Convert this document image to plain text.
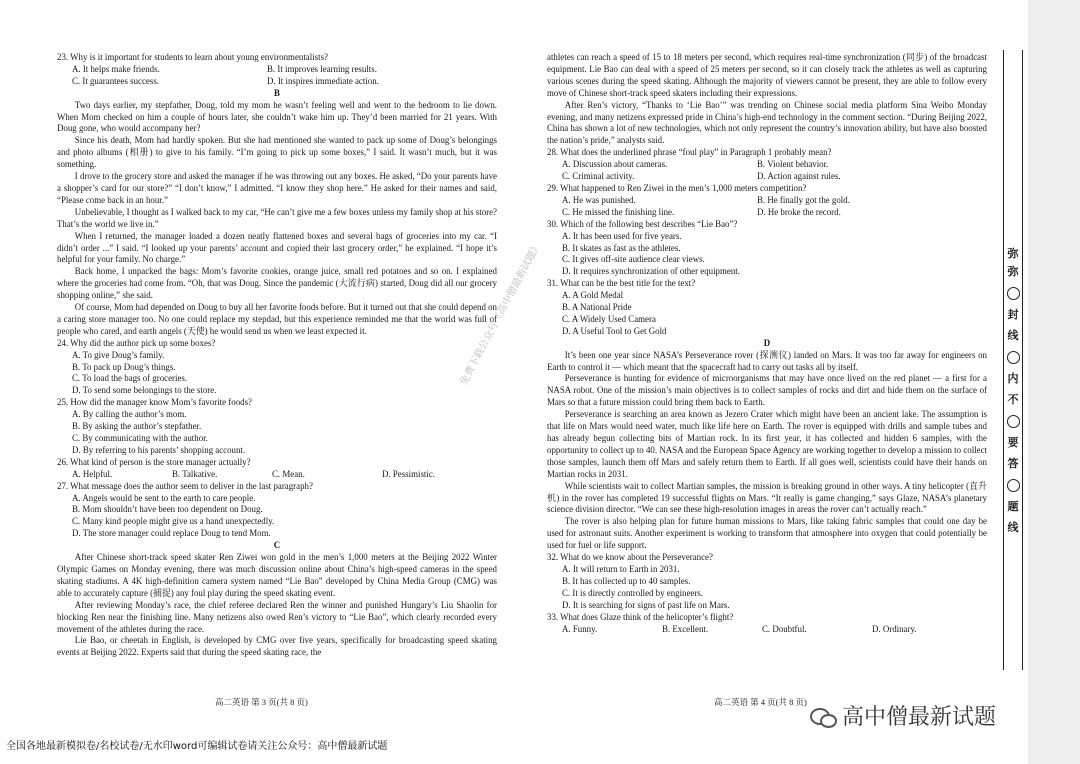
23. Why is it important for students to learn about young environmentalists?

A. It helps make friends.	B. It improves learning results.
C. It guarantees success.	D. It inspires immediate action.

B

Two days earlier, my stepfather, Doug, told my mom he wasn’t feeling well and went to the bedroom to lie down. When Mom checked on him a couple of hours later, she couldn’t wake him up. They’d been married for 21 years. With Doug gone, who would accompany her?

Since his death, Mom had hardly spoken. But she had mentioned she wanted to pack up some of Doug’s belongings and photo albums (相册) to give to his family. “I’m going to pick up some boxes,” I said. It wasn’t much, but it was something.

I drove to the grocery store and asked the manager if he was throwing out any boxes. He asked, “Do your parents have a shopper’s card for our store?” “I don’t know,” I admitted. “I know they shop here.” He asked for their names and said, “Please come back in an hour.”

Unbelievable, I thought as I walked back to my car, “He can’t give me a few boxes unless my family shop at his store? That’s the world we live in.”

When I returned, the manager loaded a dozen neatly flattened boxes and several bags of groceries into my car. “I didn’t order ...” I said. “I looked up your parents’ account and copied their last grocery order,” he explained. “I hope it’s helpful for your family. No charge.”

Back home, I unpacked the bags: Mom’s favorite cookies, orange juice, small red potatoes and so on. I explained where the groceries had come from. “Oh, that was Doug. Since the pandemic (大流行病) started, Doug did all our grocery shopping online,” she said.

Of course, Mom had depended on Doug to buy all her favorite foods before. But it turned out that she could depend on a caring store manager too. No one could replace my stepdad, but this experience reminded me that the world was full of people who cared, and earth angels (天使) he would send us when we least expected it.

24. Why did the author pick up some boxes?

A. To give Doug’s family.

B. To pack up Doug’s things.

C. To load the bags of groceries.

D. To send some belongings to the store.

25. How did the manager know Mom’s favorite foods?

A. By calling the author’s mom.

B. By asking the author’s stepfather.

C. By communicating with the author.

D. By referring to his parents’ shopping account.

26. What kind of person is the store manager actually?

A. Helpful.	B. Talkative.	C. Mean.	D. Pessimistic.

27. What message does the author seem to deliver in the last paragraph?

A. Angels would be sent to the earth to care people.

B. Mom shouldn’t have been too dependent on Doug.

C. Many kind people might give us a hand unexpectedly.

D. The store manager could replace Doug to tend Mom.

C

After Chinese short-track speed skater Ren Ziwei won gold in the men’s 1,000 meters at the Beijing 2022 Winter Olympic Games on Monday evening, there was much discussion online about China’s high-speed cameras in the speed skating stadiums. A 4K high-definition camera system named “Lie Bao” developed by China Media Group (CMG) was able to accurately capture (捕捉) any foul play during the speed skating event.

After reviewing Monday’s race, the chief referee declared Ren the winner and punished Hungary’s Liu Shaolin for blocking Ren near the finishing line. Many netizens also owed Ren’s victory to “Lie Bao”, which clearly recorded every movement of the athletes during the race.

Lie Bao, or cheetah in English, is developed by CMG over five years, specifically for broadcasting speed skating events at Beijing 2022. Experts said that during the speed skating race, the

athletes can reach a speed of 15 to 18 meters per second, which requires real-time synchronization (同步) of the broadcast equipment. Lie Bao can deal with a speed of 25 meters per second, so it can closely track the athletes as well as capturing various scenes during the speed skating. Although the majority of viewers cannot be present, they are able to follow every move of Chinese short-track speed skaters including their expressions.

After Ren’s victory, “Thanks to ‘Lie Bao’” was trending on Chinese social media platform Sina Weibo Monday evening, and many netizens expressed pride in China’s high-end technology in the comment section. “During Beijing 2022, China has shown a lot of new technologies, which not only represent the country’s innovation ability, but have also boosted the nation’s pride,” analysts said.

28. What does the underlined phrase “foul play” in Paragraph 1 probably mean?

A. Discussion about cameras.	B. Violent behavior.
C. Criminal activity.	D. Action against rules.

29. What happened to Ren Ziwei in the men’s 1,000 meters competition?

A. He was punished.	B. He finally got the gold.
C. He missed the finishing line.	D. He broke the record.

30. Which of the following best describes “Lie Bao”?

A. It has been used for five years.

B. It skates as fast as the athletes.

C. It gives off-site audience clear views.

D. It requires synchronization of other equipment.

31. What can be the best title for the text?

A. A Gold Medal

B. A National Pride

C. A Widely Used Camera

D. A Useful Tool to Get Gold

D

It’s been one year since NASA’s Perseverance rover (探测仪) landed on Mars. It was too far away for engineers on Earth to control it — which meant that the spacecraft had to carry out tasks all by itself.

Perseverance is hunting for evidence of microorganisms that may have once lived on the red planet — a first for a NASA robot. One of the mission’s main objectives is to collect samples of rocks and dirt and hide them on the surface of Mars so that a future mission could bring them back to Earth.

Perseverance is searching an area known as Jezero Crater which might have been an ancient lake. The assumption is that life on Mars would need water, much like life here on Earth. The rover is equipped with drills and sample tubes and has already begun collecting bits of Martian rock. In its first year, it has collected and hidden 6 samples, with the opportunity to collect up to 40. NASA and the European Space Agency are working together to develop a mission to collect those samples, launch them off Mars and safely return them to Earth. If all goes well, scientists could have their hands on Martian rocks in 2031.

While scientists wait to collect Martian samples, the mission is breaking ground in other ways. A tiny helicopter (直升机) in the rover has completed 19 successful flights on Mars. “It really is game changing,” says Glaze, NASA’s planetary science division director. “We can see these high-resolution images in areas the rover can’t actually reach.”

The rover is also helping plan for future human missions to Mars, like taking fabric samples that could one day be used for astronaut suits. Another experiment is working to transform that atmosphere into oxygen that could potentially be used for fuel or life support.

32. What do we know about the Perseverance?

A. It will return to Earth in 2031.

B. It has collected up to 40 samples.

C. It is directly controlled by engineers.

D. It is searching for signs of past life on Mars.

33. What does Glaze think of the helicopter’s flight?

A. Funny.	B. Excellent.	C. Doubtful.	D. Ordinary.
免费下载公众号《高中僧最新试题》
高二英语 第 3 页(共 8 页)	高二英语 第 4 页(共 8 页)
高中僧最新试题
全国各地最新模拟卷/名校试卷/无水印word可编辑试卷请关注公众号：高中僧最新试题
弥
弥
封
线
内
不
要
答
题
线
